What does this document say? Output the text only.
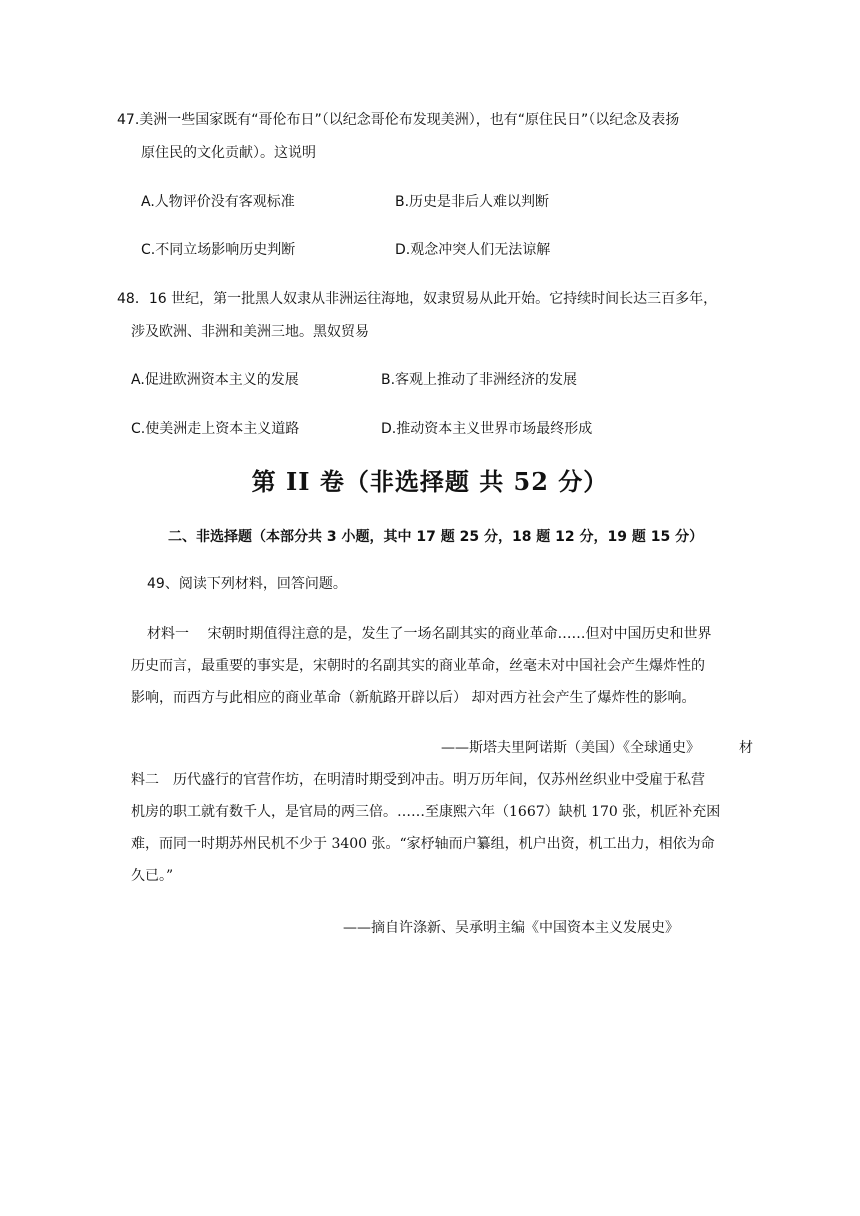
47.美洲一些国家既有“哥伦布日”（以纪念哥伦布发现美洲），也有“原住民日”（以纪念及表扬
原住民的文化贡献）。这说明
A.人物评价没有客观标准	B.历史是非后人难以判断
C.不同立场影响历史判断	D.观念冲突人们无法谅解
48．16 世纪，第一批黑人奴隶从非洲运往海地，奴隶贸易从此开始。它持续时间长达三百多年，
涉及欧洲、非洲和美洲三地。黑奴贸易
A.促进欧洲资本主义的发展	B.客观上推动了非洲经济的发展
C.使美洲走上资本主义道路	D.推动资本主义世界市场最终形成
第 II 卷（非选择题 共 52 分）
二、非选择题（本部分共 3 小题，其中 17 题 25 分，18 题 12 分，19 题 15 分）
49、阅读下列材料，回答问题。
材料一　 宋朝时期值得注意的是，发生了一场名副其实的商业革命……但对中国历史和世界
历史而言，最重要的事实是，宋朝时的名副其实的商业革命，丝毫未对中国社会产生爆炸性的
影响，而西方与此相应的商业革命（新航路开辟以后） 却对西方社会产生了爆炸性的影响。
——斯塔夫里阿诺斯（美国）《全球通史》	材
料二　历代盛行的官营作坊，在明清时期受到冲击。明万历年间，仅苏州丝织业中受雇于私营
机房的职工就有数千人，是官局的两三倍。……至康熙六年（1667）缺机 170 张，机匠补充困
难，而同一时期苏州民机不少于 3400 张。“家杼轴而户纂组，机户出资，机工出力，相依为命
久已。”
——摘自许涤新、吴承明主编《中国资本主义发展史》
